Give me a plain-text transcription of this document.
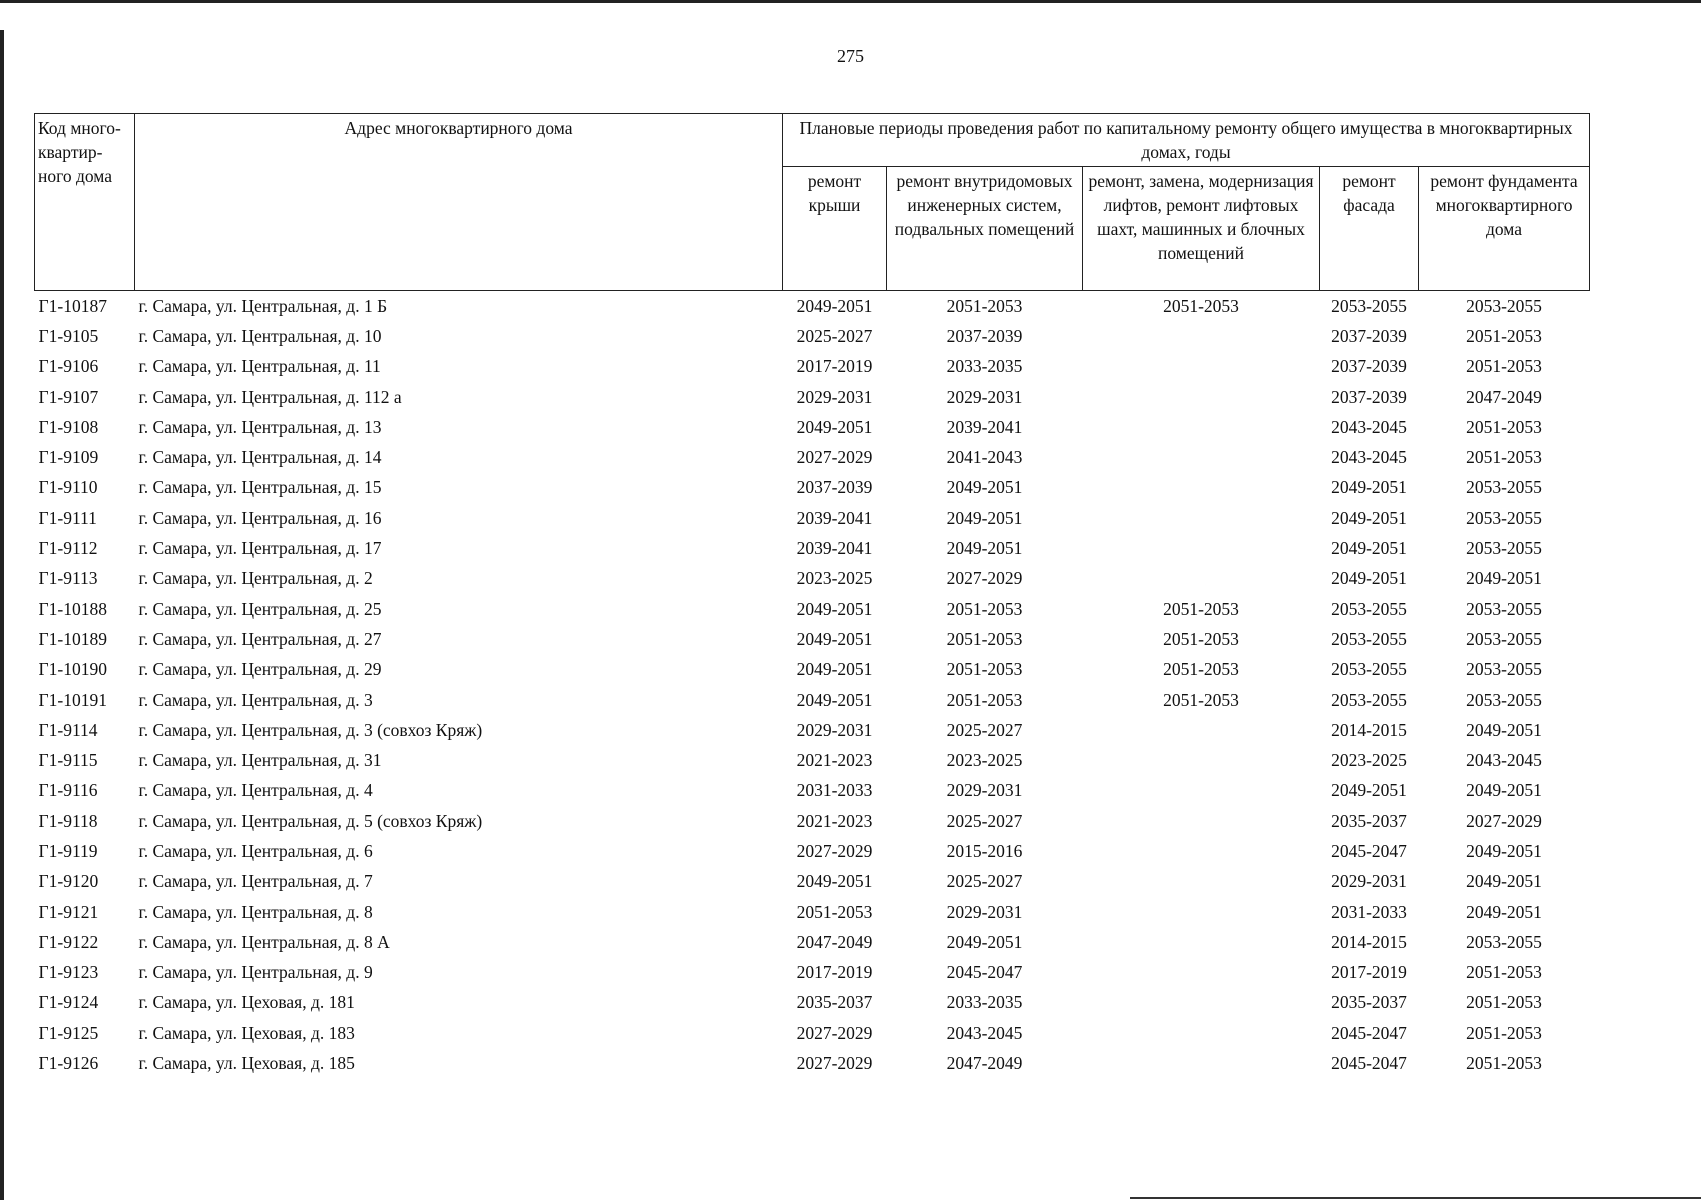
275
Код много-квартир-ного дома	Адрес многоквартирного дома	Плановые периоды проведения работ по капитальному ремонту общего имущества в многоквартирных домах, годы				
		ремонт крыши	ремонт внутридомовых инженерных систем, подвальных помещений	ремонт, замена, модернизация лифтов, ремонт лифтовых шахт, машинных и блочных помещений	ремонт фасада	ремонт фундамента многоквартирного дома
Г1-10187	г. Самара, ул. Центральная, д. 1 Б	2049-2051	2051-2053	2051-2053	2053-2055	2053-2055
Г1-9105	г. Самара, ул. Центральная, д. 10	2025-2027	2037-2039		2037-2039	2051-2053
Г1-9106	г. Самара, ул. Центральная, д. 11	2017-2019	2033-2035		2037-2039	2051-2053
Г1-9107	г. Самара, ул. Центральная, д. 112 а	2029-2031	2029-2031		2037-2039	2047-2049
Г1-9108	г. Самара, ул. Центральная, д. 13	2049-2051	2039-2041		2043-2045	2051-2053
Г1-9109	г. Самара, ул. Центральная, д. 14	2027-2029	2041-2043		2043-2045	2051-2053
Г1-9110	г. Самара, ул. Центральная, д. 15	2037-2039	2049-2051		2049-2051	2053-2055
Г1-9111	г. Самара, ул. Центральная, д. 16	2039-2041	2049-2051		2049-2051	2053-2055
Г1-9112	г. Самара, ул. Центральная, д. 17	2039-2041	2049-2051		2049-2051	2053-2055
Г1-9113	г. Самара, ул. Центральная, д. 2	2023-2025	2027-2029		2049-2051	2049-2051
Г1-10188	г. Самара, ул. Центральная, д. 25	2049-2051	2051-2053	2051-2053	2053-2055	2053-2055
Г1-10189	г. Самара, ул. Центральная, д. 27	2049-2051	2051-2053	2051-2053	2053-2055	2053-2055
Г1-10190	г. Самара, ул. Центральная, д. 29	2049-2051	2051-2053	2051-2053	2053-2055	2053-2055
Г1-10191	г. Самара, ул. Центральная, д. 3	2049-2051	2051-2053	2051-2053	2053-2055	2053-2055
Г1-9114	г. Самара, ул. Центральная, д. 3 (совхоз Кряж)	2029-2031	2025-2027		2014-2015	2049-2051
Г1-9115	г. Самара, ул. Центральная, д. 31	2021-2023	2023-2025		2023-2025	2043-2045
Г1-9116	г. Самара, ул. Центральная, д. 4	2031-2033	2029-2031		2049-2051	2049-2051
Г1-9118	г. Самара, ул. Центральная, д. 5 (совхоз Кряж)	2021-2023	2025-2027		2035-2037	2027-2029
Г1-9119	г. Самара, ул. Центральная, д. 6	2027-2029	2015-2016		2045-2047	2049-2051
Г1-9120	г. Самара, ул. Центральная, д. 7	2049-2051	2025-2027		2029-2031	2049-2051
Г1-9121	г. Самара, ул. Центральная, д. 8	2051-2053	2029-2031		2031-2033	2049-2051
Г1-9122	г. Самара, ул. Центральная, д. 8 А	2047-2049	2049-2051		2014-2015	2053-2055
Г1-9123	г. Самара, ул. Центральная, д. 9	2017-2019	2045-2047		2017-2019	2051-2053
Г1-9124	г. Самара, ул. Цеховая, д. 181	2035-2037	2033-2035		2035-2037	2051-2053
Г1-9125	г. Самара, ул. Цеховая, д. 183	2027-2029	2043-2045		2045-2047	2051-2053
Г1-9126	г. Самара, ул. Цеховая, д. 185	2027-2029	2047-2049		2045-2047	2051-2053
